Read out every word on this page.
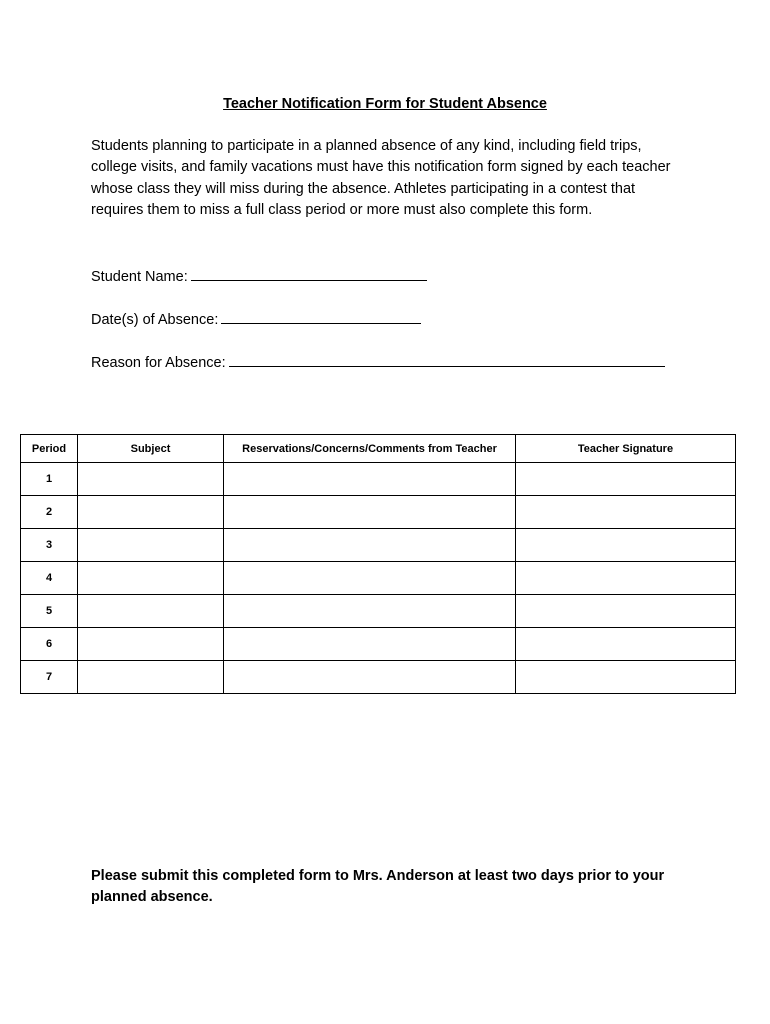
Teacher Notification Form for Student Absence

Students planning to participate in a planned absence of any kind, including field trips, college visits, and family vacations must have this notification form signed by each teacher whose class they will miss during the absence. Athletes participating in a contest that requires them to miss a full class period or more must also complete this form.

Student Name:
Date(s) of Absence:
Reason for Absence:
Period	Subject	Reservations/Concerns/Comments from Teacher	Teacher Signature
1			
2			
3			
4			
5			
6			
7			
Please submit this completed form to Mrs. Anderson at least two days prior to your planned absence.
